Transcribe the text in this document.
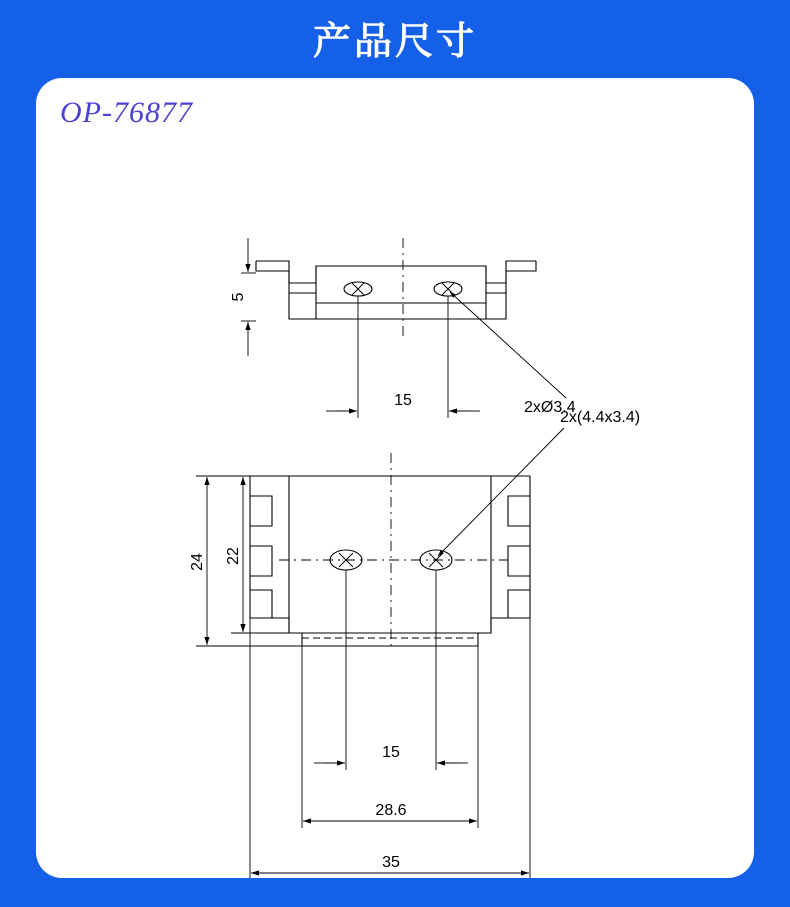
产品尺寸
OP-76877
5
15	2xØ3.4
2x(4.4x3.4)
24 22
15
28.6
35
